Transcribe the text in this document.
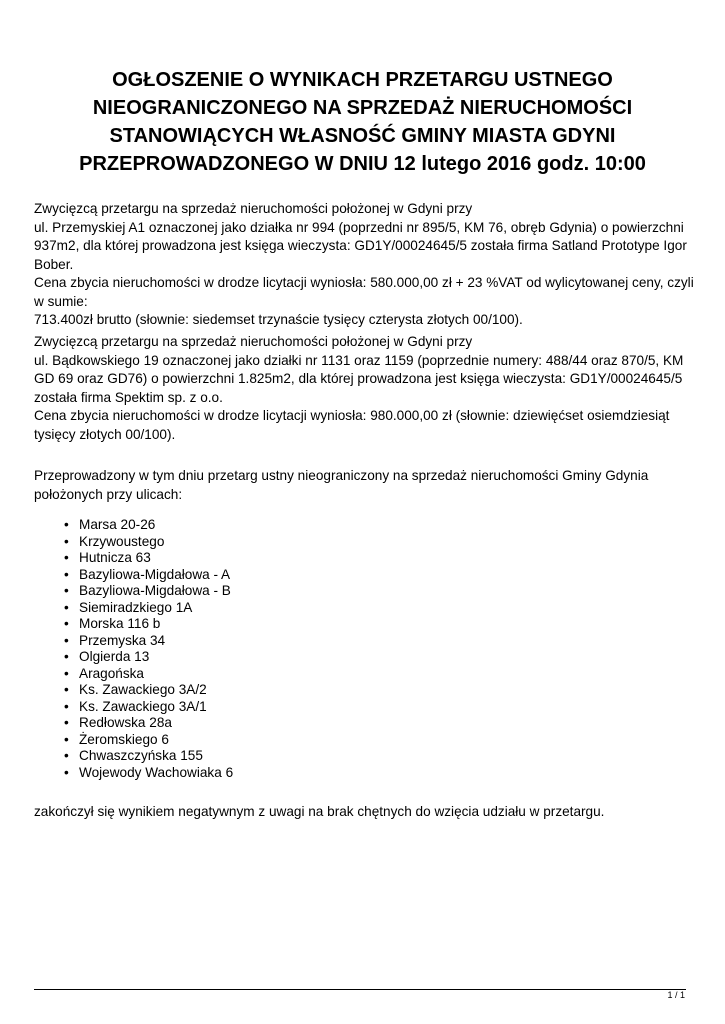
OGŁOSZENIE O WYNIKACH PRZETARGU USTNEGO
NIEOGRANICZONEGO NA SPRZEDAŻ NIERUCHOMOŚCI
STANOWIĄCYCH WŁASNOŚĆ GMINY MIASTA GDYNI
PRZEPROWADZONEGO W DNIU 12 lutego 2016 godz. 10:00

Zwycięzcą przetargu na sprzedaż nieruchomości położonej w Gdyni przy
ul. Przemyskiej A1 oznaczonej jako działka nr 994 (poprzedni nr 895/5, KM 76, obręb Gdynia) o powierzchni
937m2, dla której prowadzona jest księga wieczysta: GD1Y/00024645/5 została firma Satland Prototype Igor
Bober.
Cena zbycia nieruchomości w drodze licytacji wyniosła: 580.000,00 zł + 23 %VAT od wylicytowanej ceny, czyli
w sumie:
713.400zł brutto (słownie: siedemset trzynaście tysięcy czterysta złotych 00/100).

Zwycięzcą przetargu na sprzedaż nieruchomości położonej w Gdyni przy
ul. Bądkowskiego 19 oznaczonej jako działki nr 1131 oraz 1159 (poprzednie numery: 488/44 oraz 870/5, KM
GD 69 oraz GD76) o powierzchni 1.825m2, dla której prowadzona jest księga wieczysta: GD1Y/00024645/5
została firma Spektim sp. z o.o.
Cena zbycia nieruchomości w drodze licytacji wyniosła: 980.000,00 zł (słownie: dziewięćset osiemdziesiąt
tysięcy złotych 00/100).

Przeprowadzony w tym dniu przetarg ustny nieograniczony na sprzedaż nieruchomości Gminy Gdynia
położonych przy ulicach:

• Marsa 20-26
• Krzywoustego
• Hutnicza 63
• Bazyliowa-Migdałowa - A
• Bazyliowa-Migdałowa - B
• Siemiradzkiego 1A
• Morska 116 b
• Przemyska 34
• Olgierda 13
• Aragońska
• Ks. Zawackiego 3A/2
• Ks. Zawackiego 3A/1
• Redłowska 28a
• Żeromskiego 6
• Chwaszczyńska 155
• Wojewody Wachowiaka 6

zakończył się wynikiem negatywnym z uwagi na brak chętnych do wzięcia udziału w przetargu.

1 / 1
